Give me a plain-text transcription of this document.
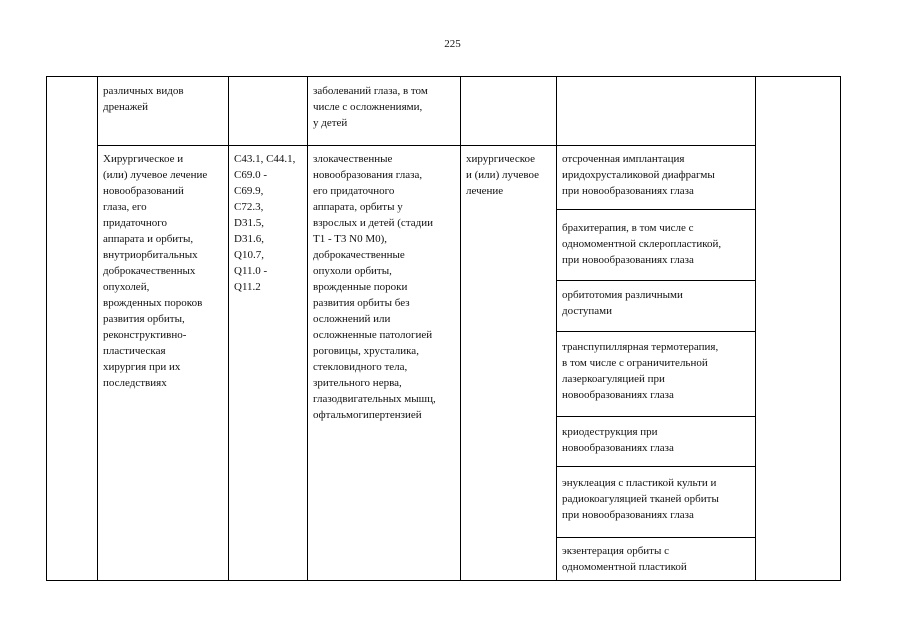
225
различных видов
дренажей
заболеваний глаза, в том
числе с осложнениями,
у детей
Хирургическое и
(или) лучевое лечение
новообразований
глаза, его
придаточного
аппарата и орбиты,
внутриорбитальных
доброкачественных
опухолей,
врожденных пороков
развития орбиты,
реконструктивно-
пластическая
хирургия при их
последствиях
C43.1, C44.1,
C69.0 -
C69.9,
C72.3,
D31.5,
D31.6,
Q10.7,
Q11.0 -
Q11.2
злокачественные
новообразования глаза,
его придаточного
аппарата, орбиты у
взрослых и детей (стадии
T1 - T3 N0 M0),
доброкачественные
опухоли орбиты,
врожденные пороки
развития орбиты без
осложнений или
осложненные патологией
роговицы, хрусталика,
стекловидного тела,
зрительного нерва,
глазодвигательных мышц,
офтальмогипертензией
хирургическое
и (или) лучевое
лечение
отсроченная имплантация
иридохрусталиковой диафрагмы
при новообразованиях глаза
брахитерапия, в том числе с
одномоментной склеропластикой,
при новообразованиях глаза
орбитотомия различными
доступами
транспупиллярная термотерапия,
в том числе с ограничительной
лазеркоагуляцией при
новообразованиях глаза
криодеструкция при
новообразованиях глаза
энуклеация с пластикой культи и
радиокоагуляцией тканей орбиты
при новообразованиях глаза
экзентерация орбиты с
одномоментной пластикой
